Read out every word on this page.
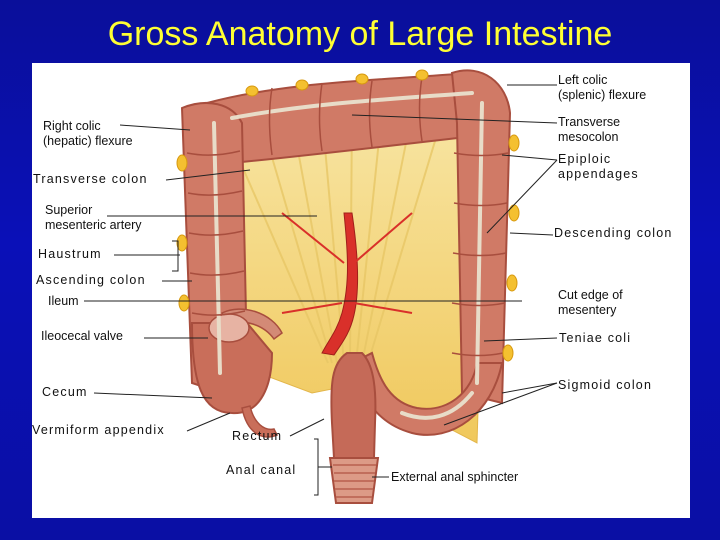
Gross Anatomy of Large Intestine
Left colic
(splenic) flexure
Transverse
mesocolon
Right colic
(hepatic) flexure
Epiploic
appendages
Transverse colon
Superior
mesenteric artery
Descending colon
Haustrum
Ascending colon
Cut edge of
mesentery
Ileum
Ileocecal valve	Teniae coli
Cecum	Sigmoid colon
Vermiform appendix	Rectum
Anal canal	External anal sphincter
